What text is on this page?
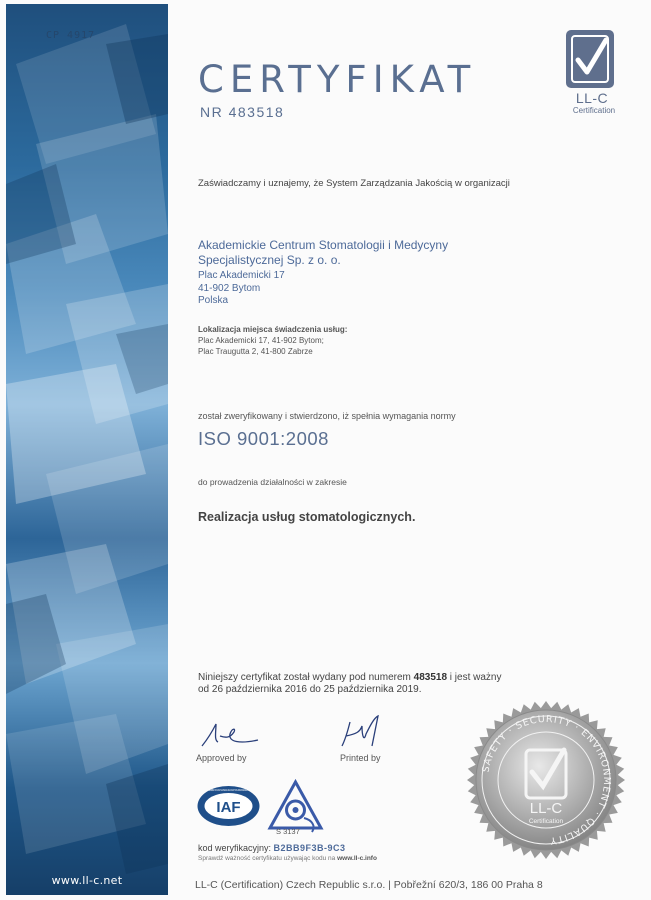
CP 4917
www.ll-c.net
CERTYFIKAT
NR 483518
LL-C
Certification
Zaświadczamy i uznajemy, że System Zarządzania Jakością w organizacji
Akademickie Centrum Stomatologii i Medycyny
Specjalistycznej Sp. z o. o.
Plac Akademicki 17
41-902 Bytom
Polska
Lokalizacja miejsca świadczenia usług:
Plac Akademicki 17, 41-902 Bytom;
Plac Traugutta 2, 41-800 Zabrze
został zweryfikowany i stwierdzono, iż spełnia wymagania normy
ISO 9001:2008
do prowadzenia działalności w zakresie
Realizacja usług stomatologicznych.
Niniejszy certyfikat został wydany pod numerem 483518 i jest ważny
od 26 października 2016 do 25 października 2019.
Approved by	Printed by
IAF
MEMBER OF MULTILATERAL RECOGNITION ARRANGEMENT
S 3137
kod weryfikacyjny: B2BB9F3B-9C3
Sprawdź ważność certyfikatu używając kodu na www.ll-c.info
LL-C (Certification) Czech Republic s.r.o. | Pobřežní 620/3, 186 00 Praha 8
SAFETY · SECURITY · ENVIRONMENT · QUALITY
LL-C
Certification
